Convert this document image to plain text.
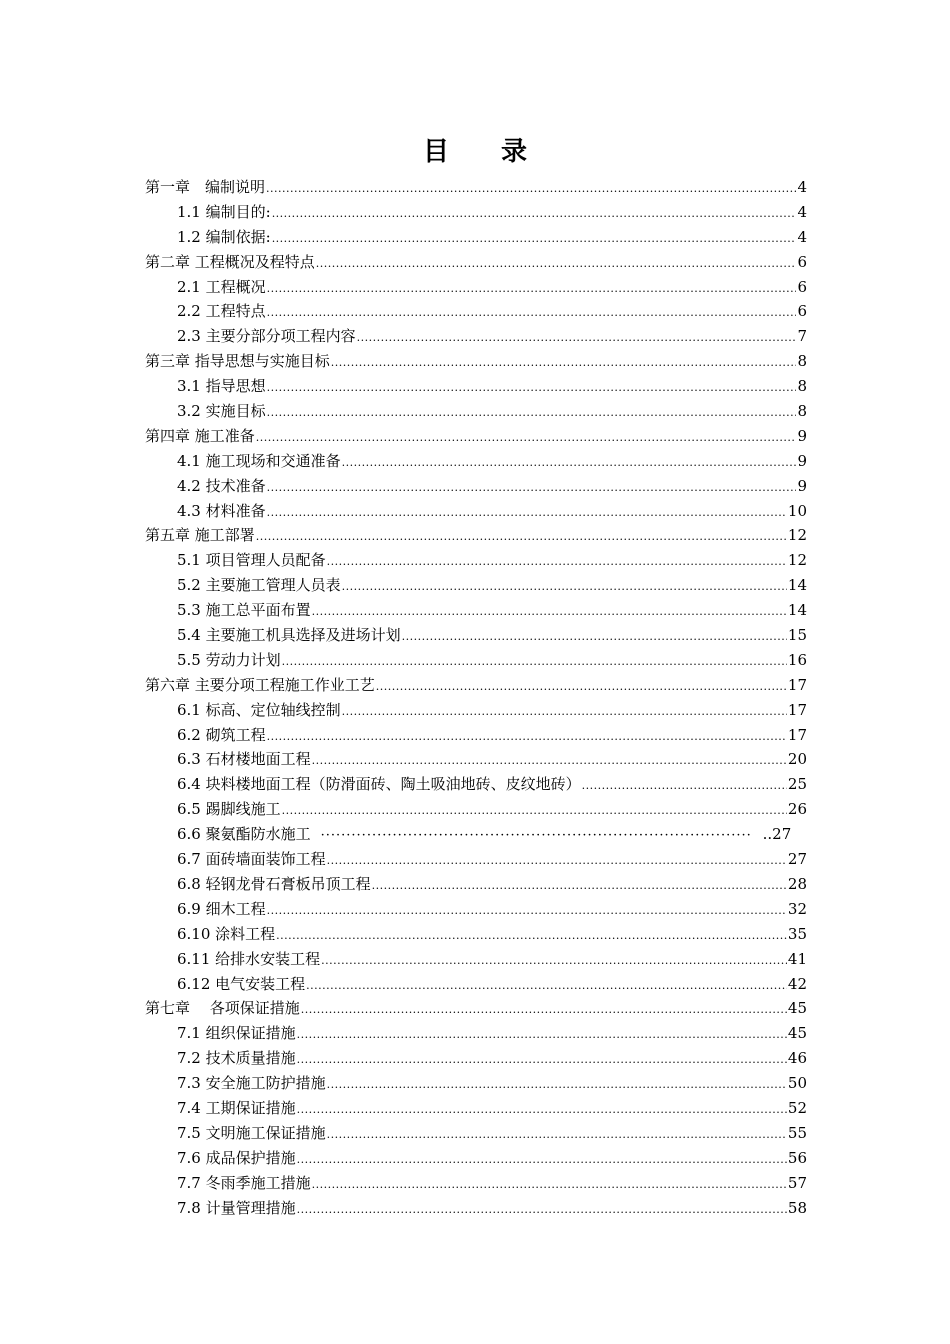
目录
第一章　编制说明 .....	4
1.1 编制目的: .....	4
1.2 编制依据: .....	4
第二章 工程概况及程特点 .....	6
2.1 工程概况 .....	6
2.2 工程特点 .....	6
2.3 主要分部分项工程内容 .....	7
第三章 指导思想与实施目标 .....	8
3.1 指导思想 .....	8
3.2 实施目标 .....	8
第四章 施工准备 .....	9
4.1 施工现场和交通准备 .....	9
4.2 技术准备 .....	9
4.3 材料准备 .....	10
第五章 施工部署 .....	12
5.1 项目管理人员配备 .....	12
5.2 主要施工管理人员表 .....	14
5.3 施工总平面布置 .....	14
5.4 主要施工机具选择及进场计划 .....	15
5.5 劳动力计划 .....	16
第六章 主要分项工程施工作业工艺 .....	17
6.1 标高、定位轴线控制 .....	17
6.2 砌筑工程 .....	17
6.3 石材楼地面工程 .....	20
6.4 块料楼地面工程（防滑面砖、陶土吸油地砖、皮纹地砖） .....	25
6.5 踢脚线施工 .....	26
6.6 聚氨酯防水施工 ·····	..27
6.7 面砖墙面装饰工程 .....	27
6.8 轻钢龙骨石膏板吊顶工程 .....	28
6.9 细木工程 .....	32
6.10 涂料工程 .....	35
6.11 给排水安装工程 .....	41
6.12 电气安装工程 .....	42
第七章　 各项保证措施 .....	45
7.1 组织保证措施 .....	45
7.2 技术质量措施 .....	46
7.3 安全施工防护措施 .....	50
7.4 工期保证措施 .....	52
7.5 文明施工保证措施 .....	55
7.6 成品保护措施 .....	56
7.7 冬雨季施工措施 .....	57
7.8 计量管理措施 .....	58
